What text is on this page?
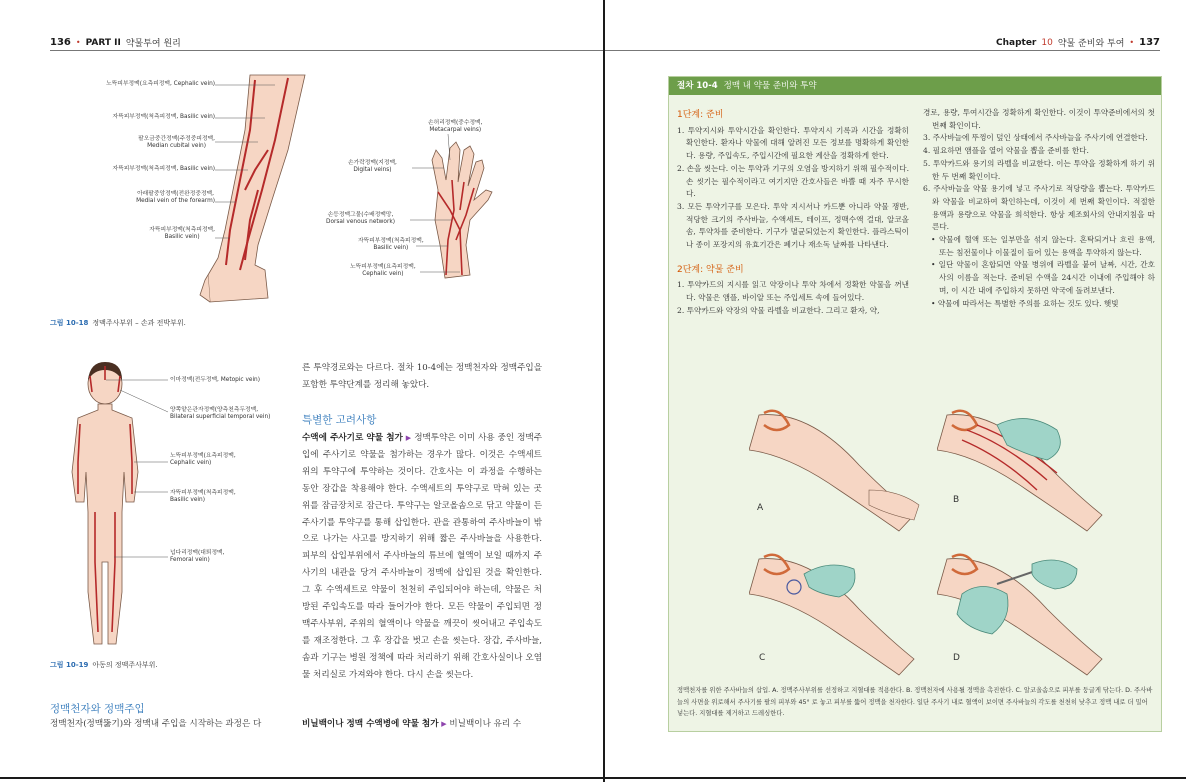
136 • PART II 약물투여 원리
노뜩피부정맥(요측피정맥, Cephalic vein)
자뜩피부정맥(척측피정맥, Basilic vein)
팔오금중간정맥(주정중피정맥,
Median cubital vein)
자뜩피부정맥(척측피정맥, Basilic vein)
아래팔중앙정맥(전완정중정맥,
Medial vein of the forearm)
자뜩피부정맥(척측피정맥,
Basilic vein)
손허리정맥(중수정맥,
Metacarpal veins)
손가락정맥(지정맥,
Digital veins)
손등정맥그물(수배정맥망,
Dorsal venous network)
자뜩피부정맥(척측피정맥,
Basilic vein)
노뜩피부정맥(요측피정맥,
Cephalic vein)
그림 10-18 정맥주사부위 – 손과 전박부위.
이마정맥(전두정맥, Metopic vein)
양쪽얕은관자정맥(양측천측두정맥,
Bilateral superficial temporal vein)
노뜩피부정맥(요측피정맥,
Cephalic vein)
자뜩피부정맥(척측피정맥,
Basilic vein)
넙다리정맥(대퇴정맥,
Femoral vein)
그림 10-19 아동의 정맥주사부위.
정맥천자와 정맥주입
정맥천자(정맥뚫기)와 정맥내 주입을 시작하는 과정은 다
른 투약경로와는 다르다. 절차 10-4에는 정맥천자와 정맥주입을 포함한 투약단계를 정리해 놓았다.
특별한 고려사항
수액에 주사기로 약물 첨가 ▶ 정맥투약은 이미 사용 중인 정맥주입에 주사기로 약물을 첨가하는 경우가 많다. 이것은 수액세트 위의 투약구에 투약하는 것이다. 간호사는 이 과정을 수행하는 동안 장갑을 착용해야 한다. 수액세트의 투약구로 막혀 있는 곳 위를 잠금장치로 잠근다. 투약구는 알코올솜으로 닦고 약물이 든 주사기를 투약구를 통해 삽입한다. 관을 관통하여 주사바늘이 밖으로 나가는 사고를 방지하기 위해 짧은 주사바늘을 사용한다. 피부의 삽입부위에서 주사바늘의 튜브에 혈액이 보일 때까지 주사기의 내관을 당겨 주사바늘이 정맥에 삽입된 것을 확인한다. 그 후 수액세트로 약물이 천천히 주입되어야 하는데, 약물은 처방된 주입속도를 따라 들어가야 한다. 모든 약물이 주입되면 정맥주사부위, 주위의 혈액이나 약물을 깨끗이 씻어내고 주입속도를 재조정한다. 그 후 장갑을 벗고 손을 씻는다. 장갑, 주사바늘, 솜과 기구는 병원 정책에 따라 처리하기 위해 간호사실이나 오염물 처리실로 가져와야 한다. 다시 손을 씻는다.
비닐백이나 정맥 수액병에 약물 첨가 ▶ 비닐백이나 유리 수
Chapter 10 약물 준비와 투여 • 137
절차 10-4 정맥 내 약물 준비와 투약
1단계: 준비
1. 투약지시와 투약시간을 확인한다. 투약지시 기록과 시간을 정확히 확인한다. 환자나 약물에 대해 알려진 모든 정보를 명확하게 확인한다. 용량, 주입속도, 주입시간에 필요한 계산을 정확하게 한다.
2. 손을 씻는다. 이는 투약과 기구의 오염을 방지하기 위해 필수적이다. 손 씻기는 필수적이라고 여기지만 간호사들은 바쁠 때 자주 무시한다.
3. 모든 투약기구를 모은다. 투약 지시서나 카드뿐 아니라 약물 쟁반, 적당한 크기의 주사바늘, 수액세트, 테이프, 정맥수액 걸대, 알코올솜, 투약차를 준비한다. 기구가 멸균되었는지 확인한다. 플라스틱이나 종이 포장지의 유효기간은 폐기나 재소독 날짜를 나타낸다.
2단계: 약물 준비
1. 투약카드의 지시를 읽고 약장이나 투약 차에서 정확한 약물을 꺼낸다. 약물은 앰플, 바이알 또는 주입세트 속에 들어있다.
2. 투약카드와 약장의 약물 라벨을 비교한다. 그리고 환자, 약,
경로, 용량, 투여시간을 정확하게 확인한다. 이것이 투약준비에서의 첫 번째 확인이다.
3. 주사바늘에 뚜껑이 덮인 상태에서 주사바늘을 주사기에 연결한다.
4. 필요하면 앰플을 열어 약물을 뽑을 준비를 한다.
5. 투약카드와 용기의 라벨을 비교한다. 이는 투약을 정확하게 하기 위한 두 번째 확인이다.
6. 주사바늘을 약물 용기에 넣고 주사기로 적당량을 뽑는다. 투약카드와 약물을 비교하여 확인하는데, 이것이 세 번째 확인이다. 적절한 용액과 용량으로 약물을 희석한다. 항상 제조회사의 안내지침을 따른다.
• 약물에 혈액 또는 일부만을 섞지 않는다. 혼탁되거나 흐린 용액, 또는 침전물이나 이물질이 들어 있는 용액을 투약하지 않는다.
• 일단 약물이 혼합되면 약물 병위에 라벨을 붙여 날짜, 시간, 간호사의 이름을 적는다. 준비된 수액을 24시간 이내에 주입해야 하며, 이 시간 내에 주입하지 못하면 약국에 돌려보낸다.
• 약물에 따라서는 특별한 주의를 요하는 것도 있다. 햇빛
A
B
C	D
정맥천자를 위한 주사바늘의 삽입. A. 정맥주사부위를 선정하고 지혈대를 적용한다. B. 정맥천자에 사용될 정맥을 촉진한다. C. 알코올솜으로 피부를 둥글게 닦는다. D. 주사바늘의 사면을 위로해서 주사기를 팔의 피부와 45° 로 놓고 피부를 뚫어 정맥을 천자한다. 일단 주사기 내로 혈액이 보이면 주사바늘의 각도를 천천히 낮추고 정맥 내로 더 밀어 넣는다. 지혈대를 제거하고 드레싱한다.
